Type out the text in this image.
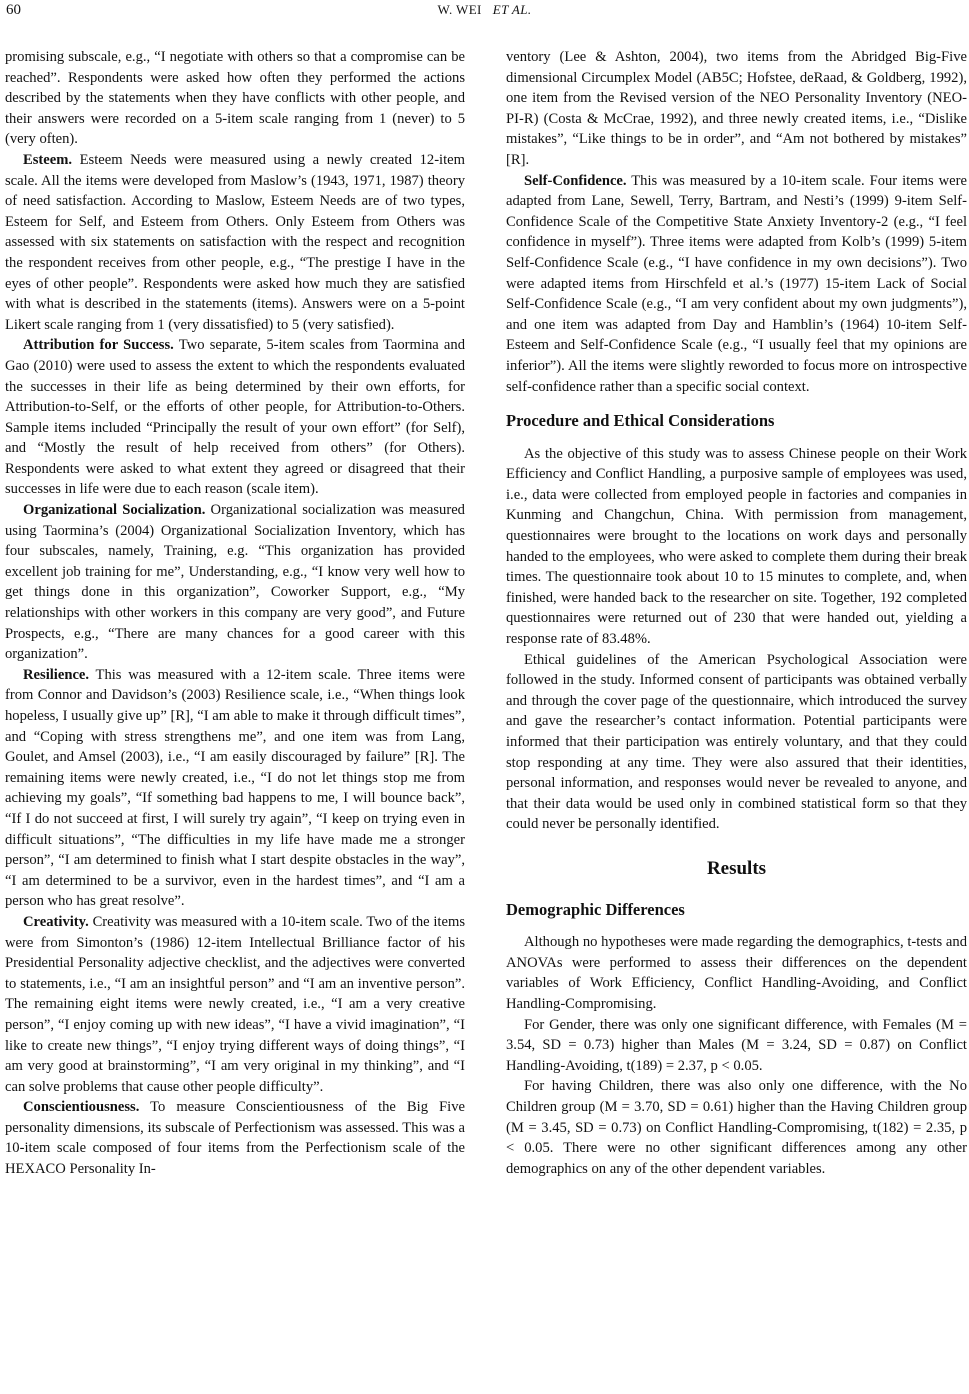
60	W. WEI ET AL.

promising subscale, e.g., “I negotiate with others so that a compromise can be reached”. Respondents were asked how often they performed the actions described by the statements when they have conflicts with other people, and their answers were recorded on a 5-item scale ranging from 1 (never) to 5 (very often).

Esteem. Esteem Needs were measured using a newly created 12-item scale. All the items were developed from Maslow’s (1943, 1971, 1987) theory of need satisfaction. According to Maslow, Esteem Needs are of two types, Esteem for Self, and Esteem from Others. Only Esteem from Others was assessed with six statements on satisfaction with the respect and recognition the respondent receives from other people, e.g., “The prestige I have in the eyes of other people”. Respondents were asked how much they are satisfied with what is described in the statements (items). Answers were on a 5-point Likert scale ranging from 1 (very dissatisfied) to 5 (very satisfied).

Attribution for Success. Two separate, 5-item scales from Taormina and Gao (2010) were used to assess the extent to which the respondents evaluated the successes in their life as being determined by their own efforts, for Attribution-to-Self, or the efforts of other people, for Attribution-to-Others. Sample items included “Principally the result of your own effort” (for Self), and “Mostly the result of help received from others” (for Others). Respondents were asked to what extent they agreed or disagreed that their successes in life were due to each reason (scale item).

Organizational Socialization. Organizational socialization was measured using Taormina’s (2004) Organizational Socialization Inventory, which has four subscales, namely, Training, e.g. “This organization has provided excellent job training for me”, Understanding, e.g., “I know very well how to get things done in this organization”, Coworker Support, e.g., “My relationships with other workers in this company are very good”, and Future Prospects, e.g., “There are many chances for a good career with this organization”.

Resilience. This was measured with a 12-item scale. Three items were from Connor and Davidson’s (2003) Resilience scale, i.e., “When things look hopeless, I usually give up” [R], “I am able to make it through difficult times”, and “Coping with stress strengthens me”, and one item was from Lang, Goulet, and Amsel (2003), i.e., “I am easily discouraged by failure” [R]. The remaining items were newly created, i.e., “I do not let things stop me from achieving my goals”, “If something bad happens to me, I will bounce back”, “If I do not succeed at first, I will surely try again”, “I keep on trying even in difficult situations”, “The difficulties in my life have made me a stronger person”, “I am determined to finish what I start despite obstacles in the way”, “I am determined to be a survivor, even in the hardest times”, and “I am a person who has great resolve”.

Creativity. Creativity was measured with a 10-item scale. Two of the items were from Simonton’s (1986) 12-item Intellectual Brilliance factor of his Presidential Personality adjective checklist, and the adjectives were converted to statements, i.e., “I am an insightful person” and “I am an inventive person”. The remaining eight items were newly created, i.e., “I am a very creative person”, “I enjoy coming up with new ideas”, “I have a vivid imagination”, “I like to create new things”, “I enjoy trying different ways of doing things”, “I am very good at brainstorming”, “I am very original in my thinking”, and “I can solve problems that cause other people difficulty”.

Conscientiousness. To measure Conscientiousness of the Big Five personality dimensions, its subscale of Perfectionism was assessed. This was a 10-item scale composed of four items from the Perfectionism scale of the HEXACO Personality In-

ventory (Lee & Ashton, 2004), two items from the Abridged Big-Five dimensional Circumplex Model (AB5C; Hofstee, deRaad, & Goldberg, 1992), one item from the Revised version of the NEO Personality Inventory (NEO-PI-R) (Costa & McCrae, 1992), and three newly created items, i.e., “Dislike mistakes”, “Like things to be in order”, and “Am not bothered by mistakes” [R].

Self-Confidence. This was measured by a 10-item scale. Four items were adapted from Lane, Sewell, Terry, Bartram, and Nesti’s (1999) 9-item Self-Confidence Scale of the Competitive State Anxiety Inventory-2 (e.g., “I feel confidence in myself”). Three items were adapted from Kolb’s (1999) 5-item Self-Confidence Scale (e.g., “I have confidence in my own decisions”). Two were adapted items from Hirschfeld et al.’s (1977) 15-item Lack of Social Self-Confidence Scale (e.g., “I am very confident about my own judgments”), and one item was adapted from Day and Hamblin’s (1964) 10-item Self-Esteem and Self-Confidence Scale (e.g., “I usually feel that my opinions are inferior”). All the items were slightly reworded to focus more on introspective self-confidence rather than a specific social context.

Procedure and Ethical Considerations

As the objective of this study was to assess Chinese people on their Work Efficiency and Conflict Handling, a purposive sample of employees was used, i.e., data were collected from employed people in factories and companies in Kunming and Changchun, China. With permission from management, questionnaires were brought to the locations on work days and personally handed to the employees, who were asked to complete them during their break times. The questionnaire took about 10 to 15 minutes to complete, and, when finished, were handed back to the researcher on site. Together, 192 completed questionnaires were returned out of 230 that were handed out, yielding a response rate of 83.48%.

Ethical guidelines of the American Psychological Association were followed in the study. Informed consent of participants was obtained verbally and through the cover page of the questionnaire, which introduced the survey and gave the researcher’s contact information. Potential participants were informed that their participation was entirely voluntary, and that they could stop responding at any time. They were also assured that their identities, personal information, and responses would never be revealed to anyone, and that their data would be used only in combined statistical form so that they could never be personally identified.

Results
Demographic Differences

Although no hypotheses were made regarding the demographics, t-tests and ANOVAs were performed to assess their differences on the dependent variables of Work Efficiency, Conflict Handling-Avoiding, and Conflict Handling-Compromising.

For Gender, there was only one significant difference, with Females (M = 3.54, SD = 0.73) higher than Males (M = 3.24, SD = 0.87) on Conflict Handling-Avoiding, t(189) = 2.37, p < 0.05.

For having Children, there was also only one difference, with the No Children group (M = 3.70, SD = 0.61) higher than the Having Children group (M = 3.45, SD = 0.73) on Conflict Handling-Compromising, t(182) = 2.35, p < 0.05. There were no other significant differences among any other demographics on any of the other dependent variables.
